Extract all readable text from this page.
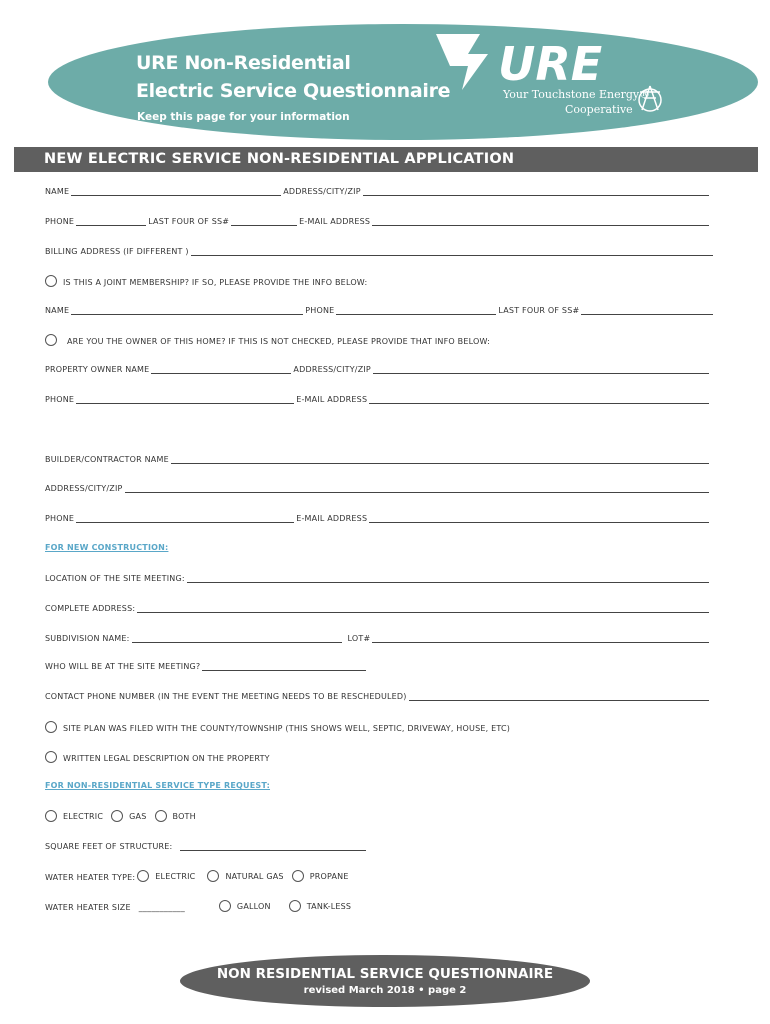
URE Non-Residential
Electric Service Questionnaire
Keep this page for your information
URE
Your Touchstone Energy®
Cooperative
NEW ELECTRIC SERVICE NON-RESIDENTIAL APPLICATION
NAME	ADDRESS/CITY/ZIP
PHONE	LAST FOUR OF SS#	E-MAIL ADDRESS
BILLING ADDRESS (IF DIFFERENT )
IS THIS A JOINT MEMBERSHIP? IF SO, PLEASE PROVIDE THE INFO BELOW:
NAME	PHONE	LAST FOUR OF SS#
ARE YOU THE OWNER OF THIS HOME? IF THIS IS NOT CHECKED, PLEASE PROVIDE THAT INFO BELOW:
PROPERTY OWNER NAME	ADDRESS/CITY/ZIP
PHONE	E-MAIL ADDRESS
BUILDER/CONTRACTOR NAME
ADDRESS/CITY/ZIP
PHONE	E-MAIL ADDRESS
FOR NEW CONSTRUCTION:
LOCATION OF THE SITE MEETING:
COMPLETE ADDRESS:
SUBDIVISION NAME:	LOT#
WHO WILL BE AT THE SITE MEETING?
CONTACT PHONE NUMBER (IN THE EVENT THE MEETING NEEDS TO BE RESCHEDULED)
SITE PLAN WAS FILED WITH THE COUNTY/TOWNSHIP (THIS SHOWS WELL, SEPTIC, DRIVEWAY, HOUSE, ETC)
WRITTEN LEGAL DESCRIPTION ON THE PROPERTY
FOR NON-RESIDENTIAL SERVICE TYPE REQUEST:
ELECTRIC	GAS	BOTH
SQUARE FEET OF STRUCTURE:
WATER HEATER TYPE:	ELECTRIC	NATURAL GAS	PROPANE
WATER HEATER SIZE ___________	GALLON	TANK-LESS
NON RESIDENTIAL SERVICE QUESTIONNAIRE
revised March 2018 • page 2
